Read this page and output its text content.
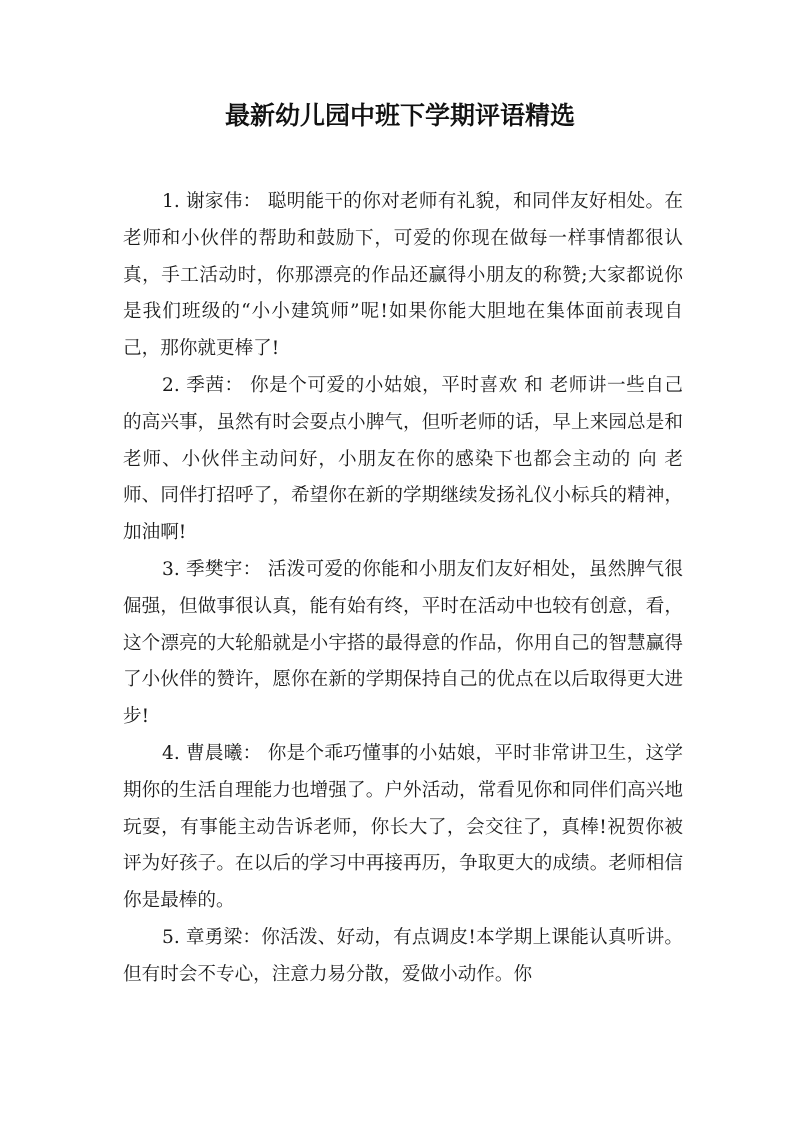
最新幼儿园中班下学期评语精选

1. 谢家伟： 聪明能干的你对老师有礼貌，和同伴友好相处。在老师和小伙伴的帮助和鼓励下，可爱的你现在做每一样事情都很认真，手工活动时，你那漂亮的作品还赢得小朋友的称赞;大家都说你是我们班级的“小小建筑师”呢!如果你能大胆地在集体面前表现自己，那你就更棒了!

2. 季茜： 你是个可爱的小姑娘，平时喜欢 和 老师讲一些自己的高兴事，虽然有时会耍点小脾气，但听老师的话，早上来园总是和 老师、小伙伴主动问好，小朋友在你的感染下也都会主动的 向 老师、同伴打招呼了，希望你在新的学期继续发扬礼仪小标兵的精神，加油啊!

3. 季樊宇： 活泼可爱的你能和小朋友们友好相处，虽然脾气很倔强，但做事很认真，能有始有终，平时在活动中也较有创意，看，这个漂亮的大轮船就是小宇搭的最得意的作品，你用自己的智慧赢得了小伙伴的赞许，愿你在新的学期保持自己的优点在以后取得更大进步!

4. 曹晨曦： 你是个乖巧懂事的小姑娘，平时非常讲卫生，这学期你的生活自理能力也增强了。户外活动，常看见你和同伴们高兴地玩耍，有事能主动告诉老师，你长大了，会交往了，真棒!祝贺你被评为好孩子。在以后的学习中再接再历，争取更大的成绩。老师相信你是最棒的。

5. 章勇梁：你活泼、好动，有点调皮!本学期上课能认真听讲。但有时会不专心，注意力易分散，爱做小动作。你
